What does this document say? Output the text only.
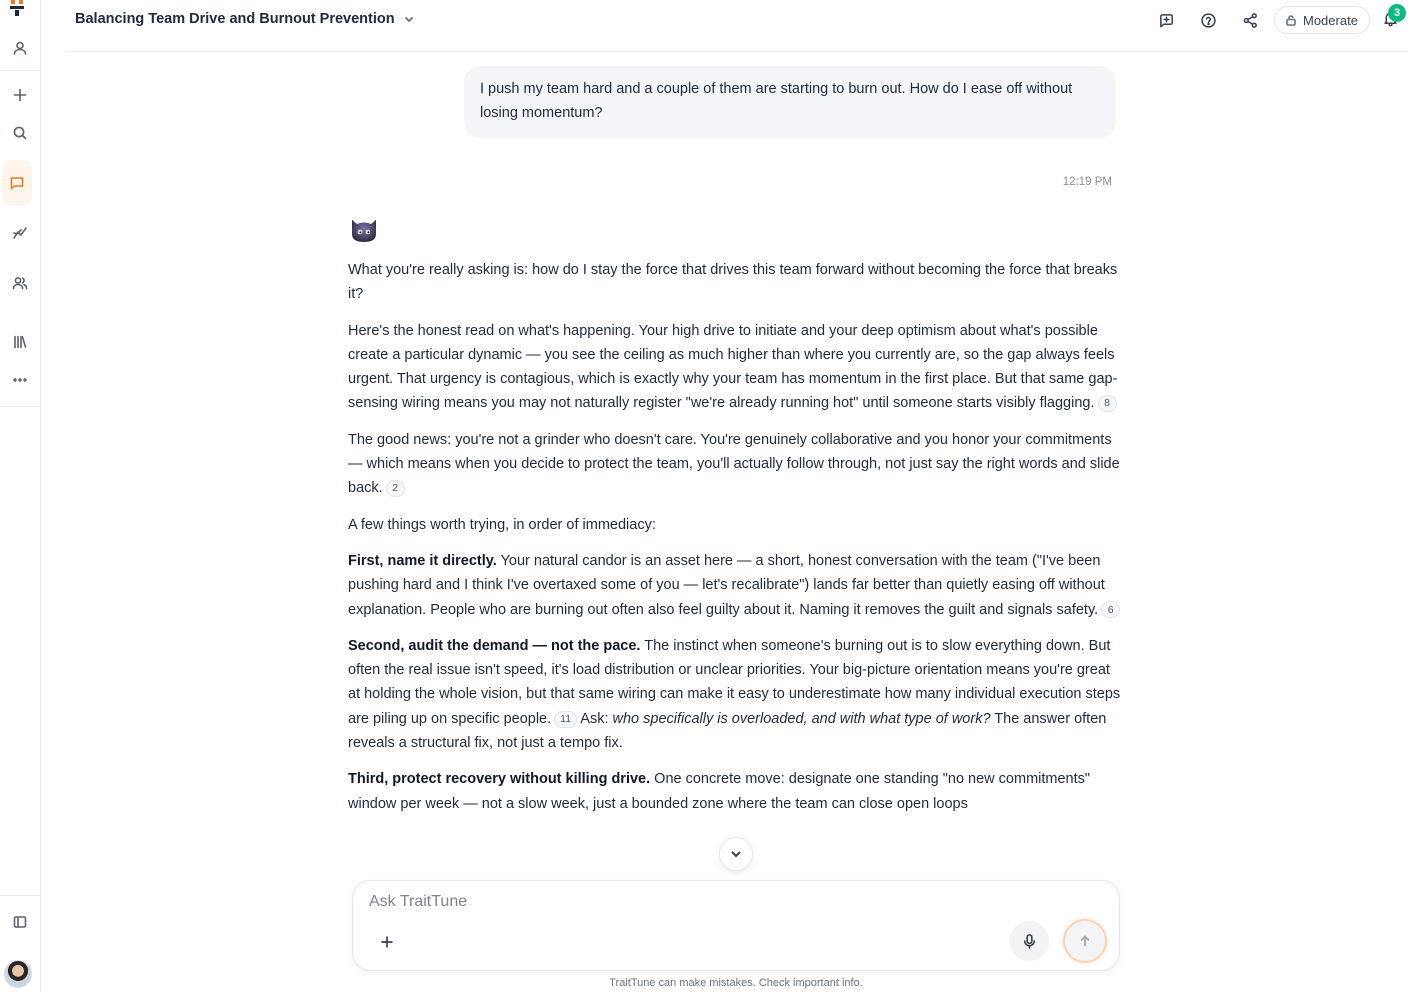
Balancing Team Drive and Burnout Prevention	Moderate	3
I push my team hard and a couple of them are starting to burn out. How do I ease off without losing momentum?
12:19 PM

What you're really asking is: how do I stay the force that drives this team forward without becoming the force that breaks it?

Here's the honest read on what's happening. Your high drive to initiate and your deep optimism about what's possible create a particular dynamic — you see the ceiling as much higher than where you currently are, so the gap always feels urgent. That urgency is contagious, which is exactly why your team has momentum in the first place. But that same gap-sensing wiring means you may not naturally register "we're already running hot" until someone starts visibly flagging. 8

The good news: you're not a grinder who doesn't care. You're genuinely collaborative and you honor your commitments — which means when you decide to protect the team, you'll actually follow through, not just say the right words and slide back. 2

A few things worth trying, in order of immediacy:

First, name it directly. Your natural candor is an asset here — a short, honest conversation with the team ("I've been pushing hard and I think I've overtaxed some of you — let's recalibrate") lands far better than quietly easing off without explanation. People who are burning out often also feel guilty about it. Naming it removes the guilt and signals safety. 6

Second, audit the demand — not the pace. The instinct when someone's burning out is to slow everything down. But often the real issue isn't speed, it's load distribution or unclear priorities. Your big-picture orientation means you're great at holding the whole vision, but that same wiring can make it easy to underestimate how many individual execution steps are piling up on specific people. 11 Ask: who specifically is overloaded, and with what type of work? The answer often reveals a structural fix, not just a tempo fix.

Third, protect recovery without killing drive. One concrete move: designate one standing "no new commitments" window per week — not a slow week, just a bounded zone where the team can close open loops

Ask TraitTune
TraitTune can make mistakes. Check important info.
